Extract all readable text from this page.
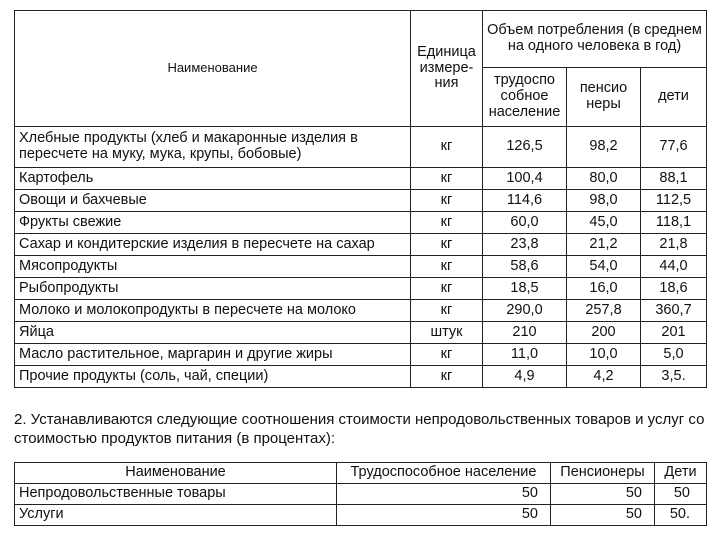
Наименование	Единица измере-ния	Объем потребления (в среднем на одного человека в год)		
		трудоспо собное население	пенсио неры	дети
Хлебные продукты (хлеб и макаронные изделия в пересчете на муку, мука, крупы, бобовые)	кг	126,5	98,2	77,6
Картофель	кг	100,4	80,0	88,1
Овощи и бахчевые	кг	114,6	98,0	112,5
Фрукты свежие	кг	60,0	45,0	118,1
Сахар и кондитерские изделия в пересчете на сахар	кг	23,8	21,2	21,8
Мясопродукты	кг	58,6	54,0	44,0
Рыбопродукты	кг	18,5	16,0	18,6
Молоко и молокопродукты в пересчете на молоко	кг	290,0	257,8	360,7
Яйца	штук	210	200	201
Масло растительное, маргарин и другие жиры	кг	11,0	10,0	5,0
Прочие продукты (соль, чай, специи)	кг	4,9	4,2	3,5.

2. Устанавливаются следующие соотношения стоимости непродовольственных товаров и услуг со стоимостью продуктов питания (в процентах):

Наименование	Трудоспособное население	Пенсионеры	Дети
Непродовольственные товары	50	50	50
Услуги	50	50	50.
